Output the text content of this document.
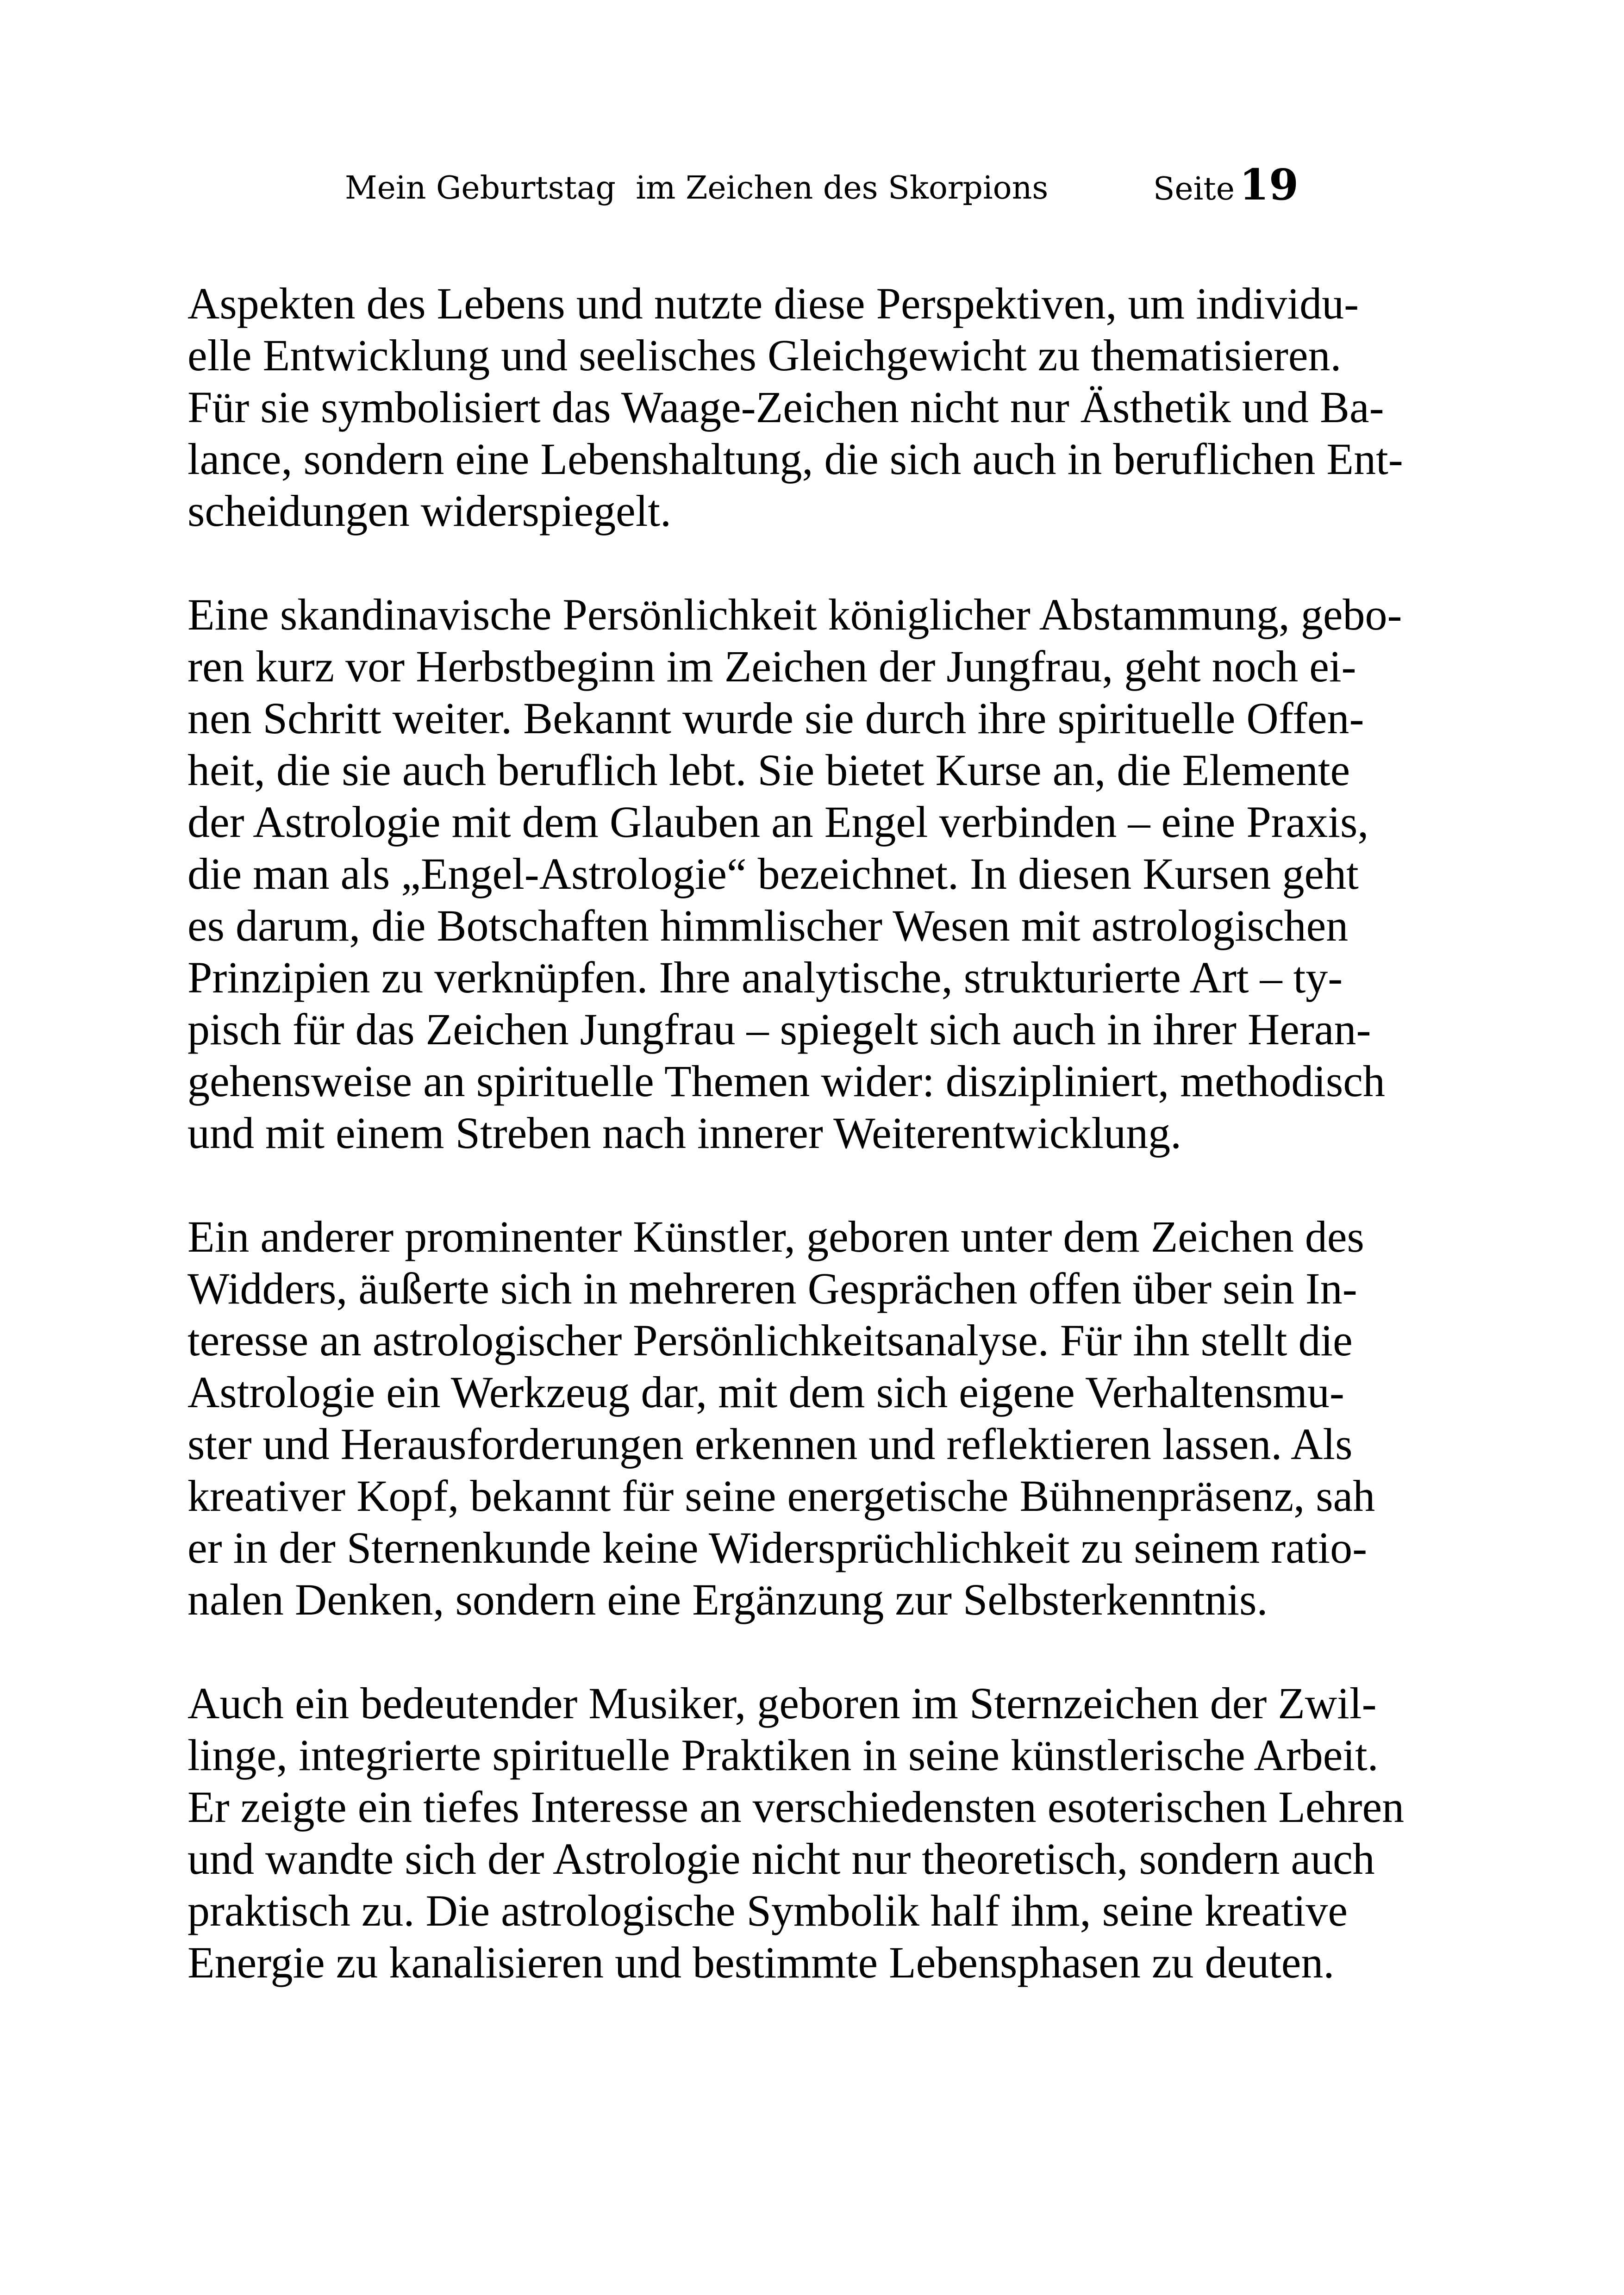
Mein Geburtstag  im Zeichen des Skorpions	Seite 19

Aspekten des Lebens und nutzte diese Perspektiven, um individu-
elle Entwicklung und seelisches Gleichgewicht zu thematisieren.
Für sie symbolisiert das Waage-Zeichen nicht nur Ästhetik und Ba-
lance, sondern eine Lebenshaltung, die sich auch in beruflichen Ent-
scheidungen widerspiegelt.

Eine skandinavische Persönlichkeit königlicher Abstammung, gebo-
ren kurz vor Herbstbeginn im Zeichen der Jungfrau, geht noch ei-
nen Schritt weiter. Bekannt wurde sie durch ihre spirituelle Offen-
heit, die sie auch beruflich lebt. Sie bietet Kurse an, die Elemente
der Astrologie mit dem Glauben an Engel verbinden – eine Praxis,
die man als „Engel-Astrologie“ bezeichnet. In diesen Kursen geht
es darum, die Botschaften himmlischer Wesen mit astrologischen
Prinzipien zu verknüpfen. Ihre analytische, strukturierte Art – ty-
pisch für das Zeichen Jungfrau – spiegelt sich auch in ihrer Heran-
gehensweise an spirituelle Themen wider: diszipliniert, methodisch
und mit einem Streben nach innerer Weiterentwicklung.

Ein anderer prominenter Künstler, geboren unter dem Zeichen des
Widders, äußerte sich in mehreren Gesprächen offen über sein In-
teresse an astrologischer Persönlichkeitsanalyse. Für ihn stellt die
Astrologie ein Werkzeug dar, mit dem sich eigene Verhaltensmu-
ster und Herausforderungen erkennen und reflektieren lassen. Als
kreativer Kopf, bekannt für seine energetische Bühnenpräsenz, sah
er in der Sternenkunde keine Widersprüchlichkeit zu seinem ratio-
nalen Denken, sondern eine Ergänzung zur Selbsterkenntnis.

Auch ein bedeutender Musiker, geboren im Sternzeichen der Zwil-
linge, integrierte spirituelle Praktiken in seine künstlerische Arbeit.
Er zeigte ein tiefes Interesse an verschiedensten esoterischen Lehren
und wandte sich der Astrologie nicht nur theoretisch, sondern auch
praktisch zu. Die astrologische Symbolik half ihm, seine kreative
Energie zu kanalisieren und bestimmte Lebensphasen zu deuten.
